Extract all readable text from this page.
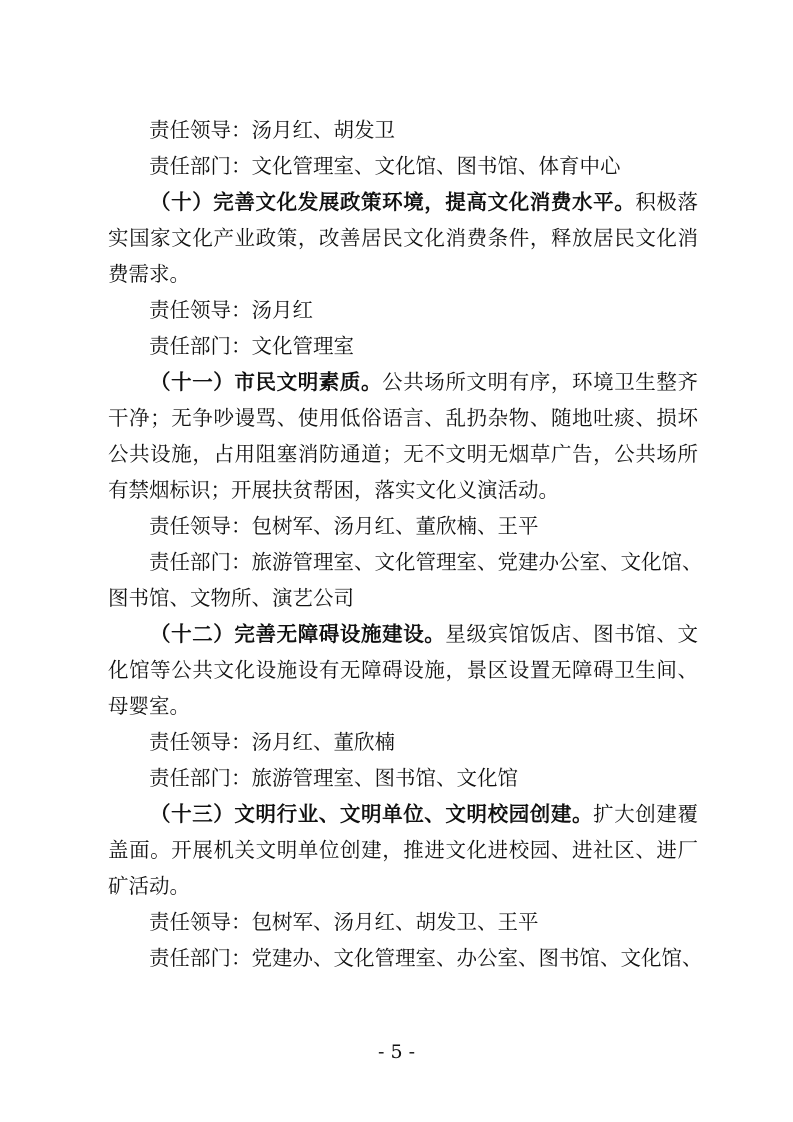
责任领导：汤月红、胡发卫
责任部门：文化管理室、文化馆、图书馆、体育中心
（十）完善文化发展政策环境，提高文化消费水平。积极落
实国家文化产业政策，改善居民文化消费条件，释放居民文化消
费需求。
责任领导：汤月红
责任部门：文化管理室
（十一）市民文明素质。公共场所文明有序，环境卫生整齐
干净；无争吵谩骂、使用低俗语言、乱扔杂物、随地吐痰、损坏
公共设施，占用阻塞消防通道；无不文明无烟草广告，公共场所
有禁烟标识；开展扶贫帮困，落实文化义演活动。
责任领导：包树军、汤月红、董欣楠、王平
责任部门：旅游管理室、文化管理室、党建办公室、文化馆、
图书馆、文物所、演艺公司
（十二）完善无障碍设施建设。星级宾馆饭店、图书馆、文
化馆等公共文化设施设有无障碍设施，景区设置无障碍卫生间、
母婴室。
责任领导：汤月红、董欣楠
责任部门：旅游管理室、图书馆、文化馆
（十三）文明行业、文明单位、文明校园创建。扩大创建覆
盖面。开展机关文明单位创建，推进文化进校园、进社区、进厂
矿活动。
责任领导：包树军、汤月红、胡发卫、王平
责任部门：党建办、文化管理室、办公室、图书馆、文化馆、
- 5 -
